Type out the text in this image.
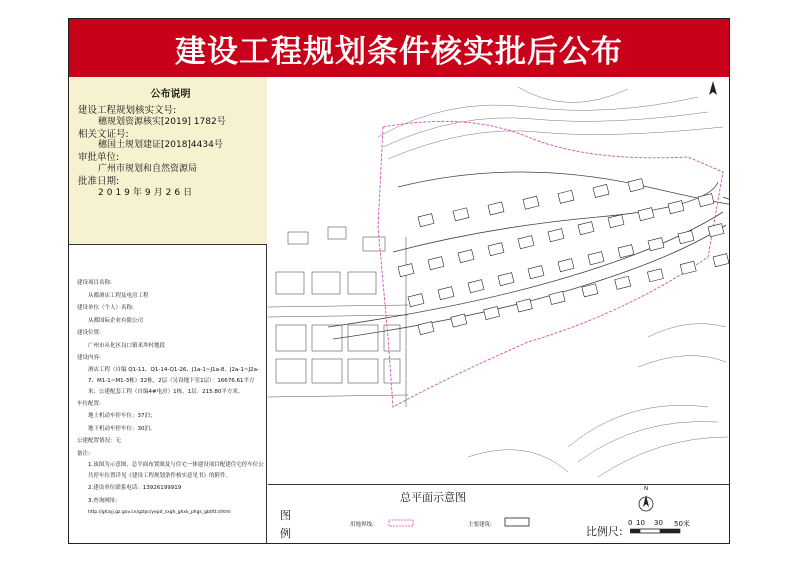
建设工程规划条件核实批后公布
公布说明
建设工程规划核实文号:
穗规划资源核实[2019] 1782号
相关文证号:
穗国土规划建证[2018]4434号
审批单位:
广州市规划和自然资源局
批准日期:
2019年9月26日
建设项目名称:
从都酒店工程及电房工程
建设单位（个人）名称:
从都国际企业有限公司
建设位置:
广州市从化区良口镇米埗村地段
建设内容:
酒店工程（自编 Q1-11、Q1-14-Q1-26、J1a-1~J1a-8、J2a-1~J2a-7、M1-1~M1-3栋）32栋，2层（另设地下室1层）：16676.61平方米；公建配套工程（自编4#电房）1栋，1层：215.80平方米。
车位配置:
地上机动车停车位：37泊；
地下机动车停车位：30泊。
公建配置情况：无
备注:
1.该图为示意图，总平面布置图及与住宅一体建设项目配建住宅停车位公共停车位置详见《建设工程规划条件核实意见书》的附件。
2.建设单位联系电话：13926199919
3.查询网址:
http://ghzyj.gz.gov.cn/gzlpc/yepd_sxgh_ghxk_phgs_gbt/tt.shtml
总平面示意图
图
例
用地界线:	主要建筑:
N
比例尺:
0 10 30 50米
